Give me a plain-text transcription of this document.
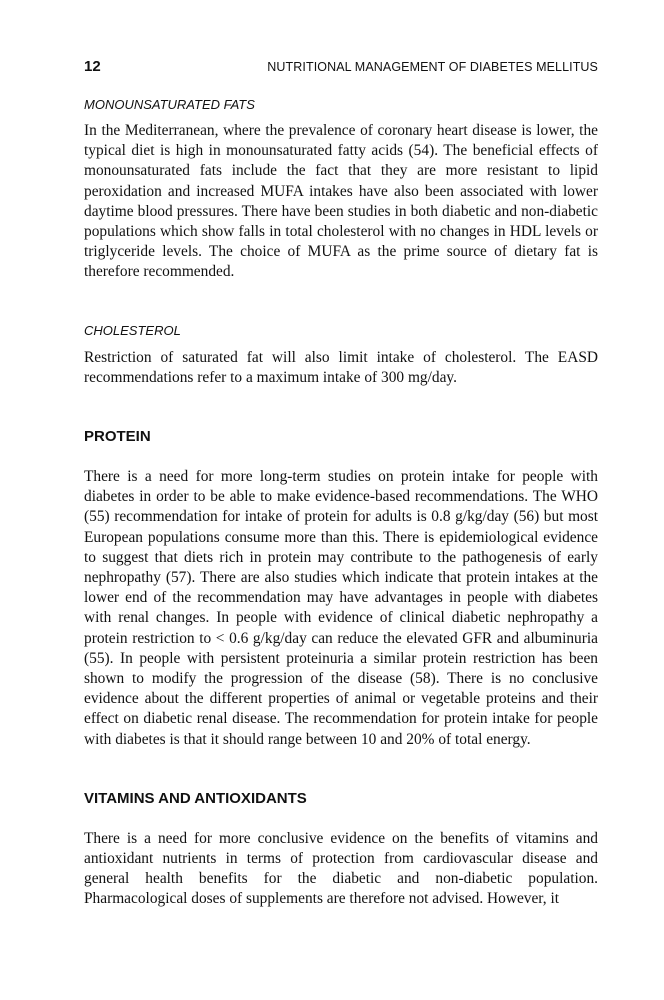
12	NUTRITIONAL MANAGEMENT OF DIABETES MELLITUS
MONOUNSATURATED FATS

In the Mediterranean, where the prevalence of coronary heart disease is lower, the typical diet is high in monounsaturated fatty acids (54). The beneficial effects of monounsaturated fats include the fact that they are more resistant to lipid peroxidation and increased MUFA intakes have also been associated with lower daytime blood pressures. There have been studies in both diabetic and non-diabetic populations which show falls in total cholesterol with no changes in HDL levels or triglyceride levels. The choice of MUFA as the prime source of dietary fat is therefore recommended.

CHOLESTEROL

Restriction of saturated fat will also limit intake of cholesterol. The EASD recommendations refer to a maximum intake of 300 mg/day.

PROTEIN

There is a need for more long-term studies on protein intake for people with diabetes in order to be able to make evidence-based recommendations. The WHO (55) recommendation for intake of protein for adults is 0.8 g/kg/day (56) but most European populations consume more than this. There is epidemiological evidence to suggest that diets rich in protein may contribute to the pathogenesis of early nephropathy (57). There are also studies which indicate that protein intakes at the lower end of the recommendation may have advantages in people with diabetes with renal changes. In people with evidence of clinical diabetic nephropathy a protein restriction to < 0.6 g/kg/day can reduce the elevated GFR and albuminuria (55). In people with persistent proteinuria a similar protein restriction has been shown to modify the progression of the disease (58). There is no conclusive evidence about the different properties of animal or vegetable proteins and their effect on diabetic renal disease. The recommendation for protein intake for people with diabetes is that it should range between 10 and 20% of total energy.

VITAMINS AND ANTIOXIDANTS

There is a need for more conclusive evidence on the benefits of vitamins and antioxidant nutrients in terms of protection from cardiovascular disease and general health benefits for the diabetic and non-diabetic population. Pharmacological doses of supplements are therefore not advised. However, it
